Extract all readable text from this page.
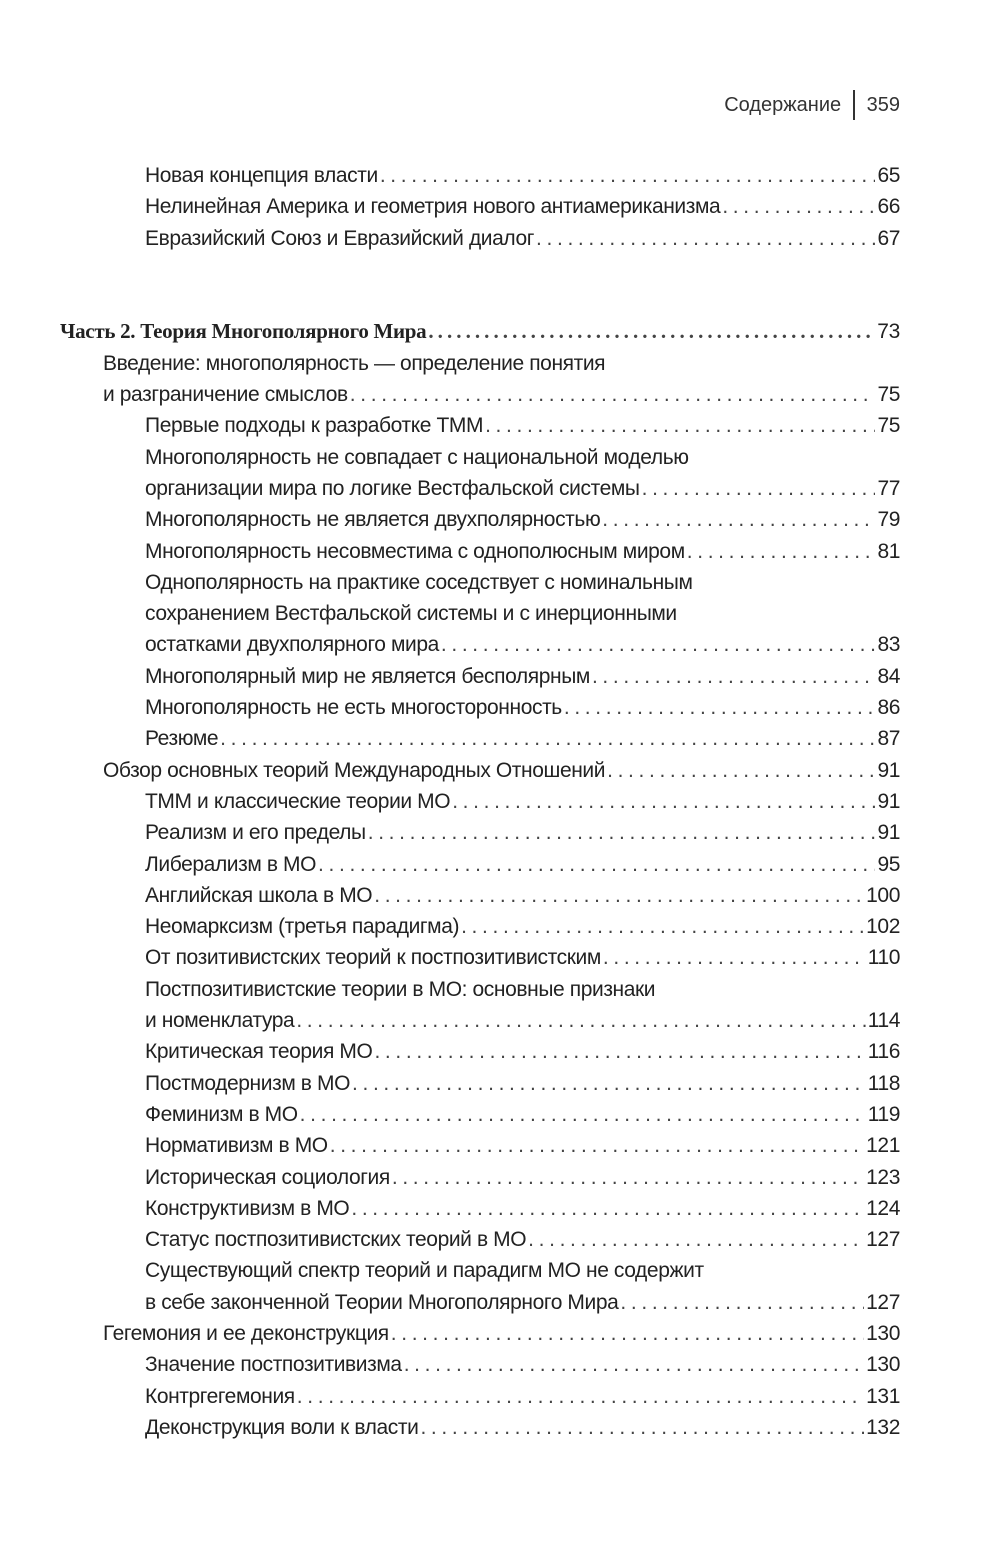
Содержание 359
Новая концепция власти . . .	65
Нелинейная Америка и геометрия нового антиамериканизма . . .	66
Евразийский Союз и Евразийский диалог . . .	67
Часть 2. Теория Многополярного Мира . . .	73
Введение: многополярность — определение понятия
и разграничение смыслов . . .	75
Первые подходы к разработке ТММ . . .	75
Многополярность не совпадает с национальной моделью
организации мира по логике Вестфальской системы . . .	77
Многополярность не является двухполярностью . . .	79
Многополярность несовместима с однополюсным миром . . .	81
Однополярность на практике соседствует с номинальным
сохранением Вестфальской системы и с инерционными
остатками двухполярного мира . . .	83
Многополярный мир не является бесполярным . . .	84
Многополярность не есть многосторонность . . .	86
Резюме . . .	87
Обзор основных теорий Международных Отношений . . .	91
ТММ и классические теории МО . . .	91
Реализм и его пределы . . .	91
Либерализм в МО . . .	95
Английская школа в МО . . .	100
Неомарксизм (третья парадигма) . . .	102
От позитивистских теорий к постпозитивистским . . .	110
Постпозитивистские теории в МО: основные признаки
и номенклатура . . .	114
Критическая теория МО . . .	116
Постмодернизм в МО . . .	118
Феминизм в МО . . .	119
Нормативизм в МО . . .	121
Историческая социология . . .	123
Конструктивизм в МО . . .	124
Статус постпозитивистских теорий в МО . . .	127
Существующий спектр теорий и парадигм МО не содержит
в себе законченной Теории Многополярного Мира . . .	127
Гегемония и ее деконструкция . . .	130
Значение постпозитивизма . . .	130
Контргегемония . . .	131
Деконструкция воли к власти . . .	132
